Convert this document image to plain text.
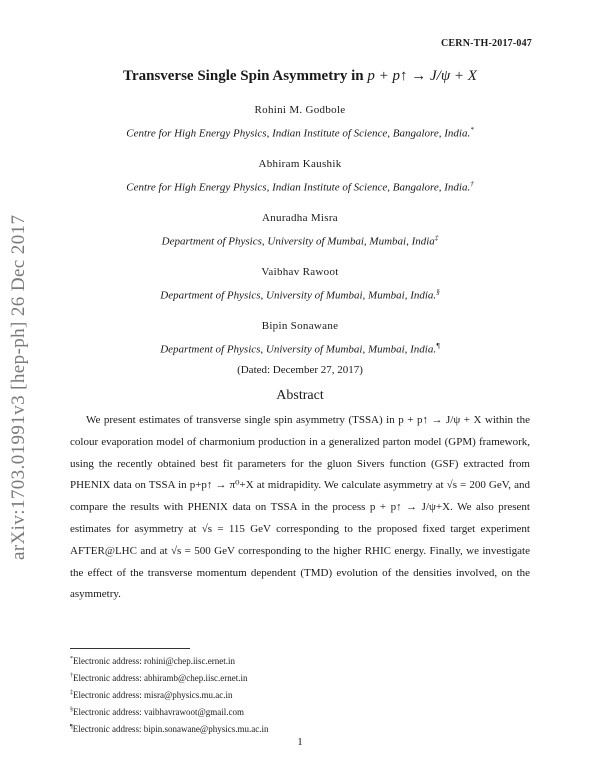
CERN-TH-2017-047
Transverse Single Spin Asymmetry in p + p↑ → J/ψ + X
Rohini M. Godbole
Centre for High Energy Physics, Indian Institute of Science, Bangalore, India.*
Abhiram Kaushik
Centre for High Energy Physics, Indian Institute of Science, Bangalore, India.†
Anuradha Misra
Department of Physics, University of Mumbai, Mumbai, India‡
Vaibhav Rawoot
Department of Physics, University of Mumbai, Mumbai, India.§
Bipin Sonawane
Department of Physics, University of Mumbai, Mumbai, India.¶
(Dated: December 27, 2017)
Abstract

We present estimates of transverse single spin asymmetry (TSSA) in p + p↑ → J/ψ + X within the colour evaporation model of charmonium production in a generalized parton model (GPM) framework, using the recently obtained best fit parameters for the gluon Sivers function (GSF) extracted from PHENIX data on TSSA in p+p↑ → π⁰+X at midrapidity. We calculate asymmetry at √s = 200 GeV, and compare the results with PHENIX data on TSSA in the process p + p↑ → J/ψ+X. We also present estimates for asymmetry at √s = 115 GeV corresponding to the proposed fixed target experiment AFTER@LHC and at √s = 500 GeV corresponding to the higher RHIC energy. Finally, we investigate the effect of the transverse momentum dependent (TMD) evolution of the densities involved, on the asymmetry.

arXiv:1703.01991v3 [hep-ph] 26 Dec 2017
*Electronic address: rohini@chep.iisc.ernet.in
†Electronic address: abhiramb@chep.iisc.ernet.in
‡Electronic address: misra@physics.mu.ac.in
§Electronic address: vaibhavrawoot@gmail.com
¶Electronic address: bipin.sonawane@physics.mu.ac.in
1
